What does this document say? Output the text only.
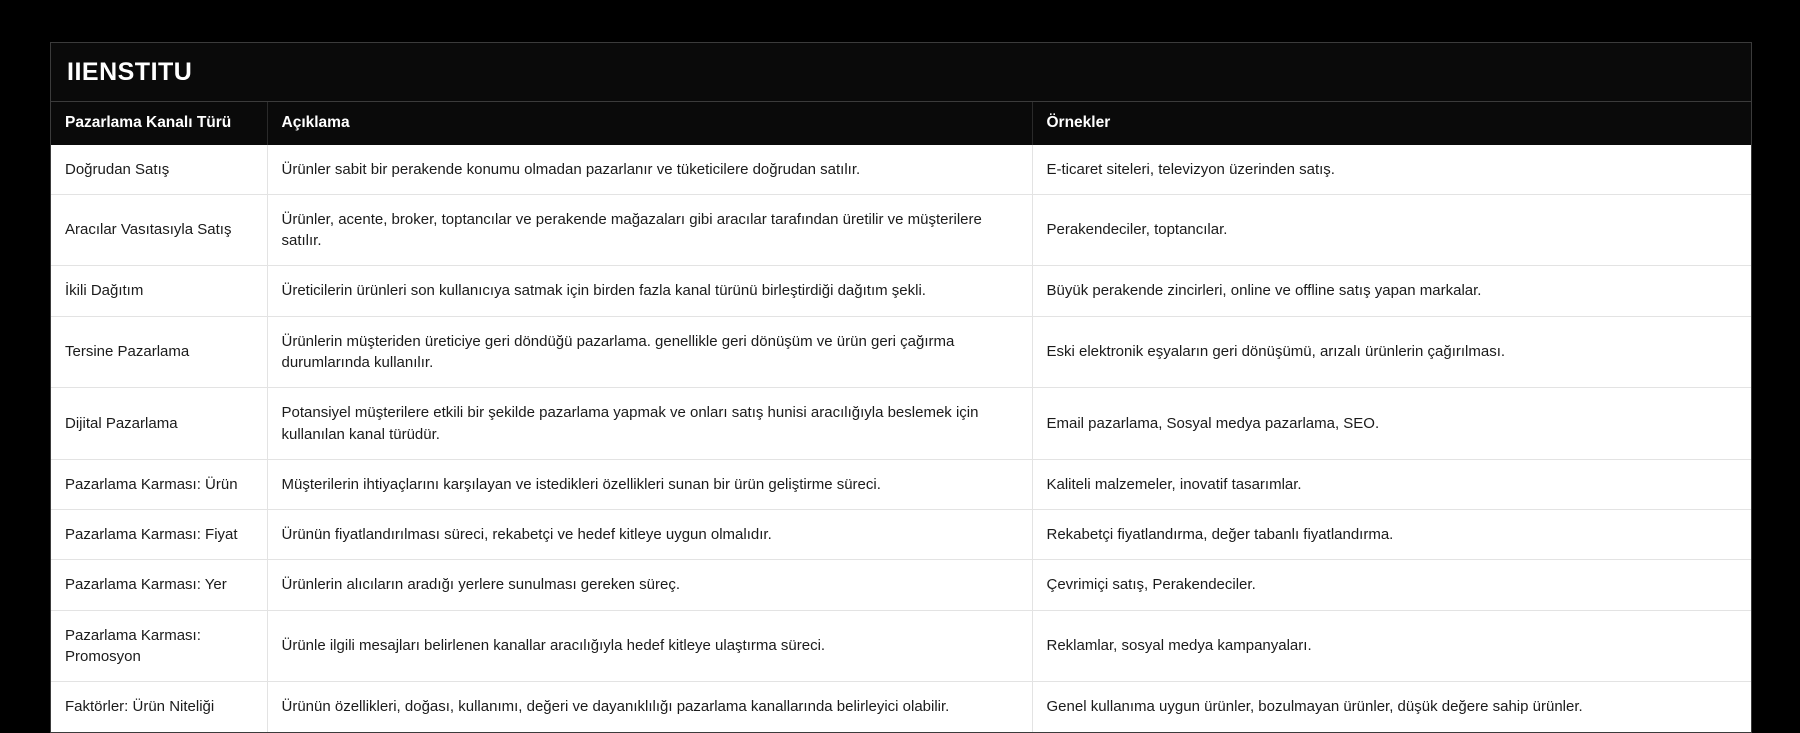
IIENSTITU
Pazarlama Kanalı Türü	Açıklama	Örnekler
Doğrudan Satış	Ürünler sabit bir perakende konumu olmadan pazarlanır ve tüketicilere doğrudan satılır.	E-ticaret siteleri, televizyon üzerinden satış.
Aracılar Vasıtasıyla Satış	Ürünler, acente, broker, toptancılar ve perakende mağazaları gibi aracılar tarafından üretilir ve müşterilere satılır.	Perakendeciler, toptancılar.
İkili Dağıtım	Üreticilerin ürünleri son kullanıcıya satmak için birden fazla kanal türünü birleştirdiği dağıtım şekli.	Büyük perakende zincirleri, online ve offline satış yapan markalar.
Tersine Pazarlama	Ürünlerin müşteriden üreticiye geri döndüğü pazarlama. genellikle geri dönüşüm ve ürün geri çağırma durumlarında kullanılır.	Eski elektronik eşyaların geri dönüşümü, arızalı ürünlerin çağırılması.
Dijital Pazarlama	Potansiyel müşterilere etkili bir şekilde pazarlama yapmak ve onları satış hunisi aracılığıyla beslemek için kullanılan kanal türüdür.	Email pazarlama, Sosyal medya pazarlama, SEO.
Pazarlama Karması: Ürün	Müşterilerin ihtiyaçlarını karşılayan ve istedikleri özellikleri sunan bir ürün geliştirme süreci.	Kaliteli malzemeler, inovatif tasarımlar.
Pazarlama Karması: Fiyat	Ürünün fiyatlandırılması süreci, rekabetçi ve hedef kitleye uygun olmalıdır.	Rekabetçi fiyatlandırma, değer tabanlı fiyatlandırma.
Pazarlama Karması: Yer	Ürünlerin alıcıların aradığı yerlere sunulması gereken süreç.	Çevrimiçi satış, Perakendeciler.
Pazarlama Karması: Promosyon	Ürünle ilgili mesajları belirlenen kanallar aracılığıyla hedef kitleye ulaştırma süreci.	Reklamlar, sosyal medya kampanyaları.
Faktörler: Ürün Niteliği	Ürünün özellikleri, doğası, kullanımı, değeri ve dayanıklılığı pazarlama kanallarında belirleyici olabilir.	Genel kullanıma uygun ürünler, bozulmayan ürünler, düşük değere sahip ürünler.
